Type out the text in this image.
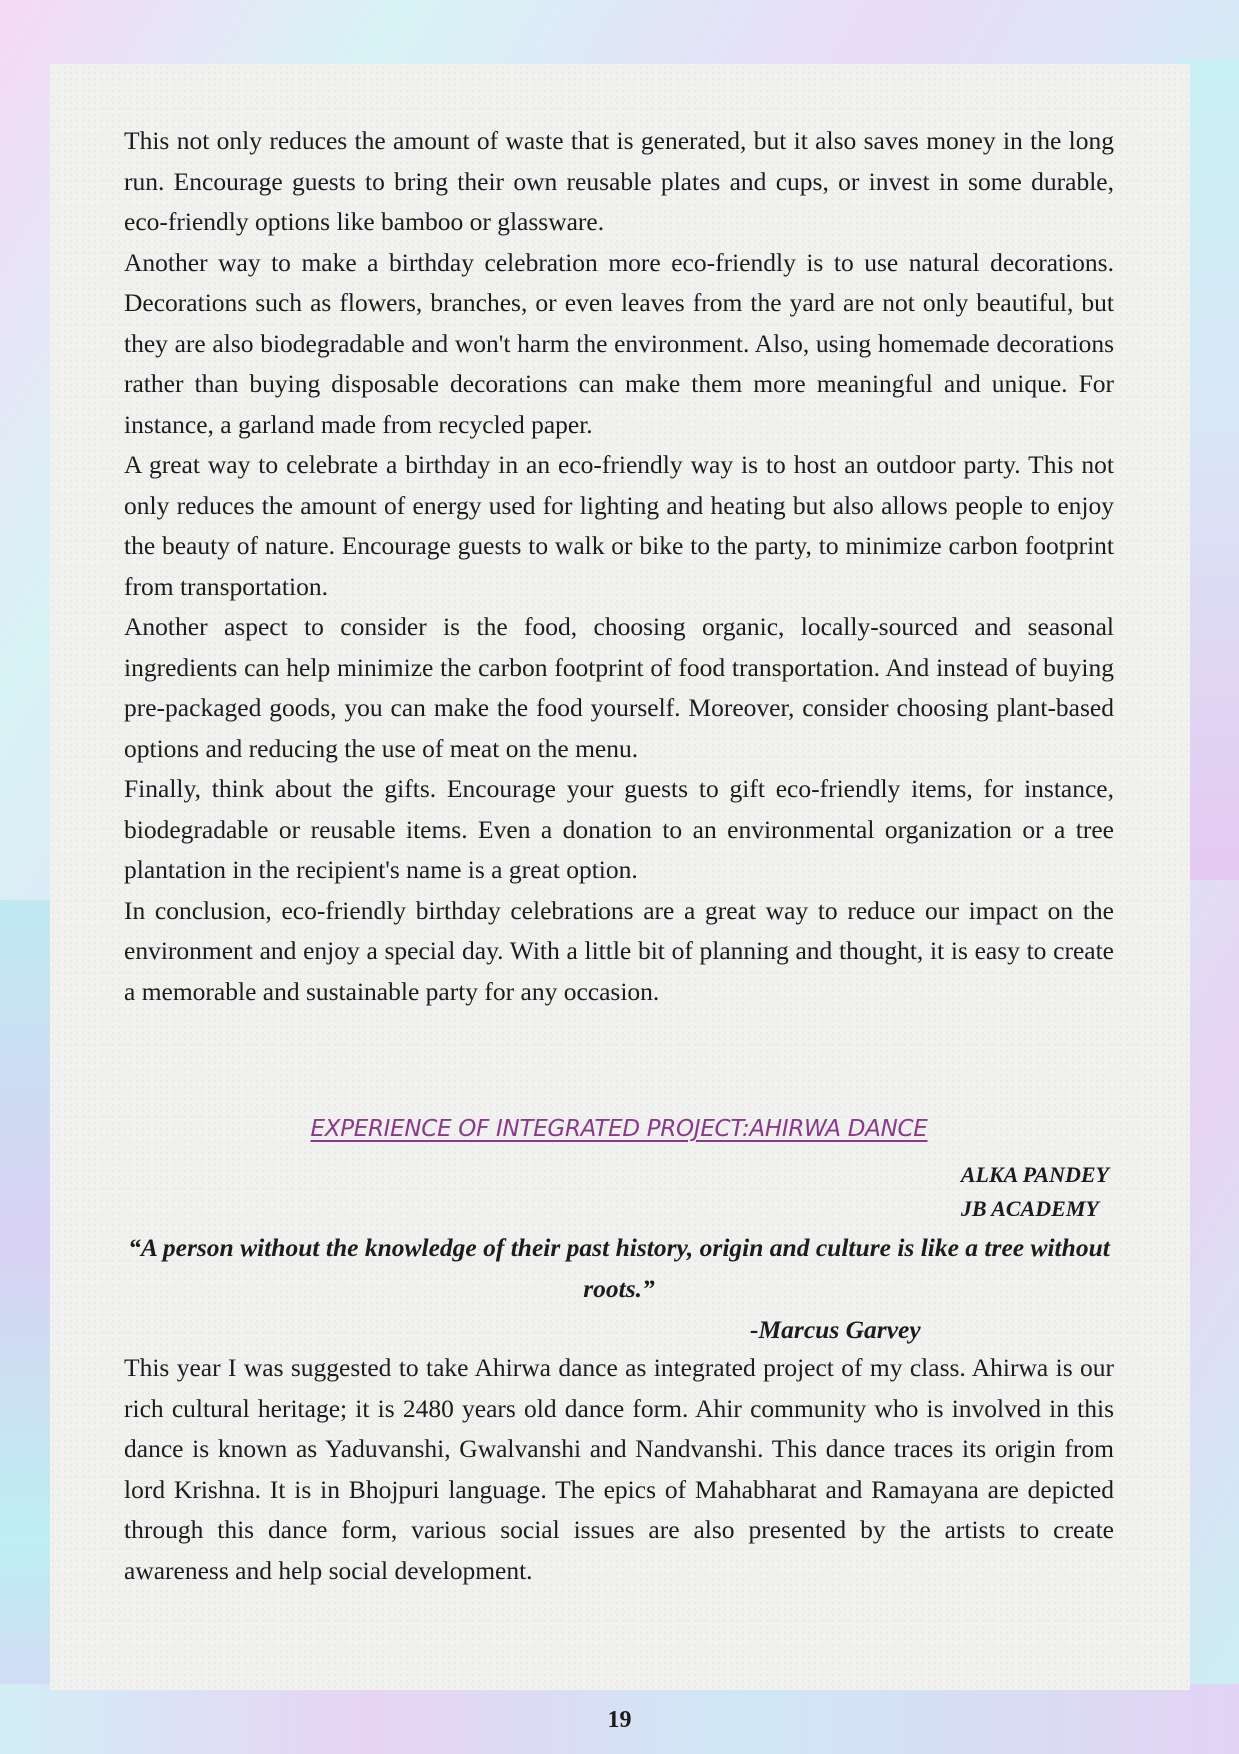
This not only reduces the amount of waste that is generated, but it also saves money in the long run. Encourage guests to bring their own reusable plates and cups, or invest in some durable, eco-friendly options like bamboo or glassware.

Another way to make a birthday celebration more eco-friendly is to use natural decorations. Decorations such as flowers, branches, or even leaves from the yard are not only beautiful, but they are also biodegradable and won't harm the environment. Also, using homemade decorations rather than buying disposable decorations can make them more meaningful and unique. For instance, a garland made from recycled paper.

A great way to celebrate a birthday in an eco-friendly way is to host an outdoor party. This not only reduces the amount of energy used for lighting and heating but also allows people to enjoy the beauty of nature. Encourage guests to walk or bike to the party, to minimize carbon footprint from transportation.

Another aspect to consider is the food, choosing organic, locally-sourced and seasonal ingredients can help minimize the carbon footprint of food transportation. And instead of buying pre-packaged goods, you can make the food yourself. Moreover, consider choosing plant-based options and reducing the use of meat on the menu.

Finally, think about the gifts. Encourage your guests to gift eco-friendly items, for instance, biodegradable or reusable items. Even a donation to an environmental organization or a tree plantation in the recipient's name is a great option.

In conclusion, eco-friendly birthday celebrations are a great way to reduce our impact on the environment and enjoy a special day. With a little bit of planning and thought, it is easy to create a memorable and sustainable party for any occasion.

EXPERIENCE OF INTEGRATED PROJECT:AHIRWA DANCE
ALKA PANDEY
JB ACADEMY
“A person without the knowledge of their past history, origin and culture is like a tree without roots.”
-Marcus Garvey

This year I was suggested to take Ahirwa dance as integrated project of my class. Ahirwa is our rich cultural heritage; it is 2480 years old dance form. Ahir community who is involved in this dance is known as Yaduvanshi, Gwalvanshi and Nandvanshi. This dance traces its origin from lord Krishna. It is in Bhojpuri language. The epics of Mahabharat and Ramayana are depicted through this dance form, various social issues are also presented by the artists to create awareness and help social development.

19
